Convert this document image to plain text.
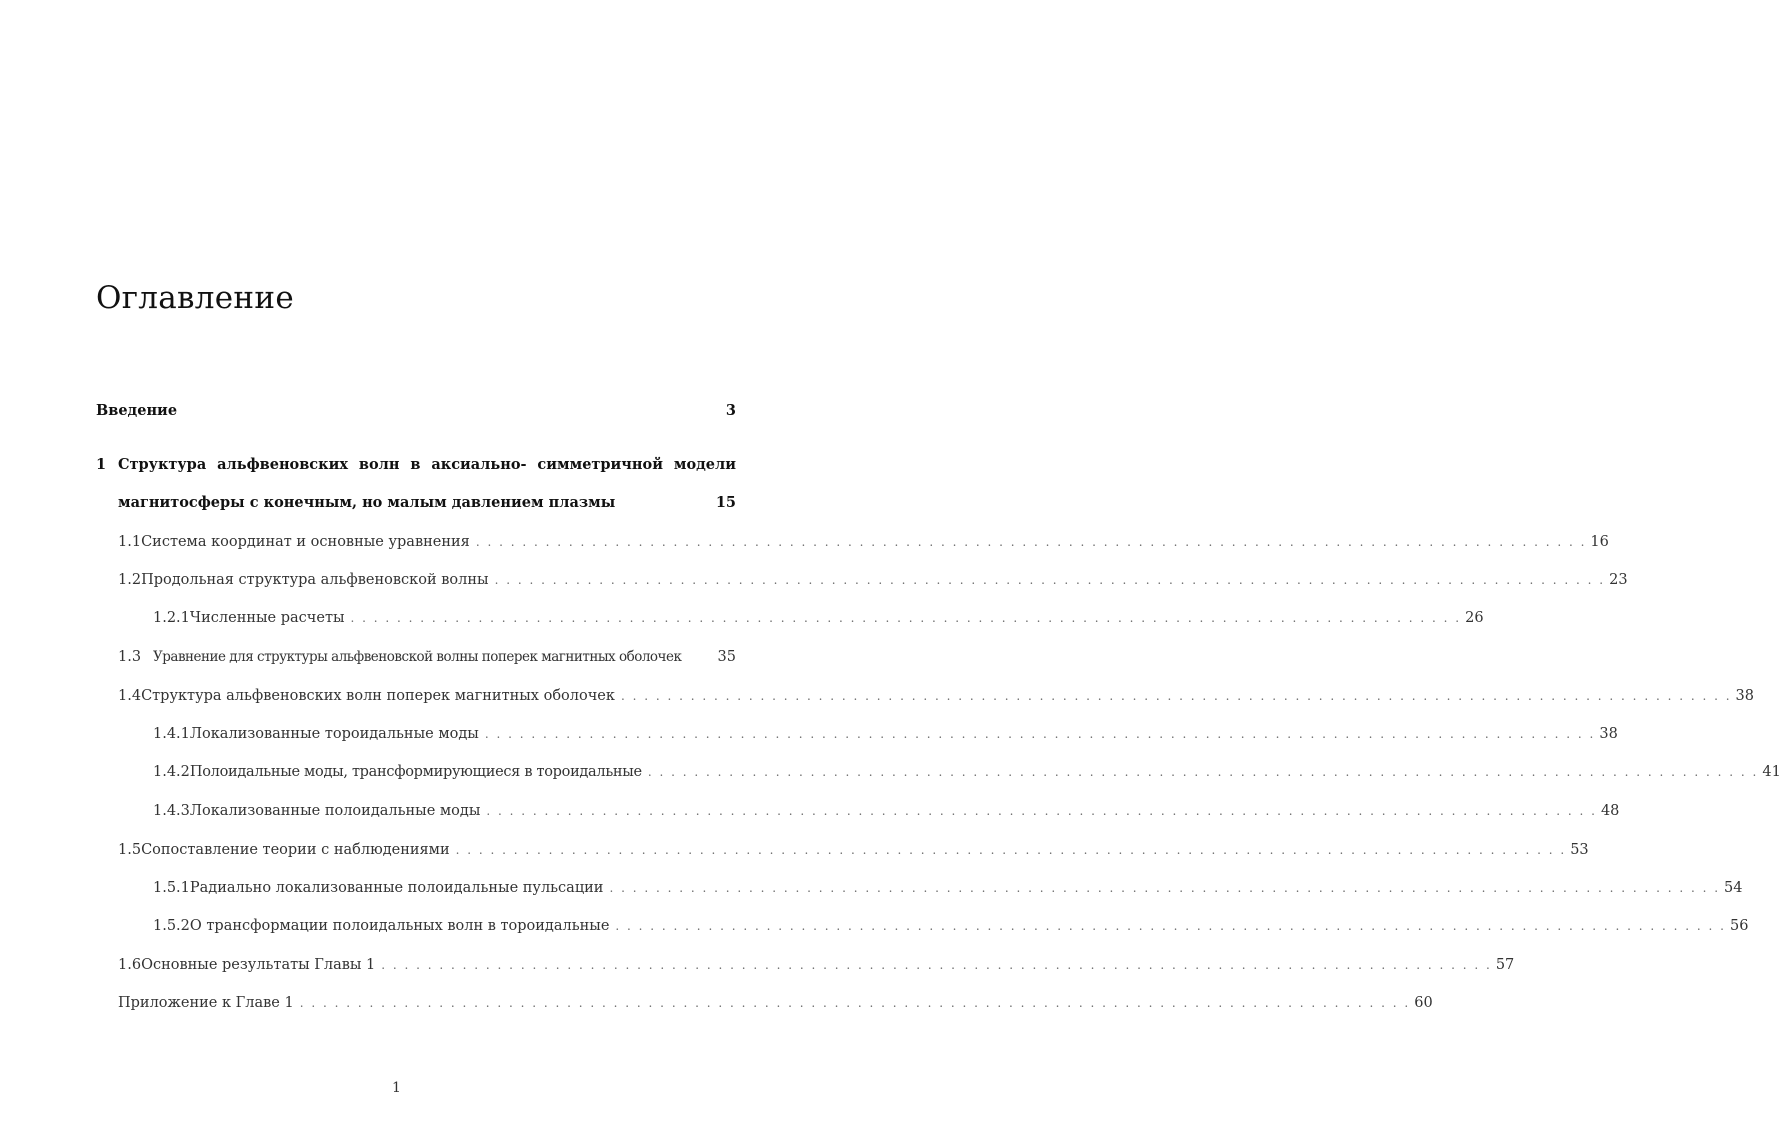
Оглавление
Введение	3
1 Структура альфвеновских волн в аксиально- симметричной модели
магнитосферы с конечным, но малым давлением плазмы	15
1.1 Система координат и основные уравнения . . .	16
1.2 Продольная структура альфвеновской волны . . .	23
1.2.1 Численные расчеты . . .	26
1.3 Уравнение для структуры альфвеновской волны поперек магнитных оболочек 35
1.4 Структура альфвеновских волн поперек магнитных оболочек . . .	38
1.4.1 Локализованные тороидальные моды . . .	38
1.4.2 Полоидальные моды, трансформирующиеся в тороидальные . . .	41
1.4.3 Локализованные полоидальные моды . . .	48
1.5 Сопоставление теории с наблюдениями . . .	53
1.5.1 Радиально локализованные полоидальные пульсации . . .	54
1.5.2 О трансформации полоидальных волн в тороидальные . . .	56
1.6 Основные результаты Главы 1 . . .	57
Приложение к Главе 1 . . .	60
1
